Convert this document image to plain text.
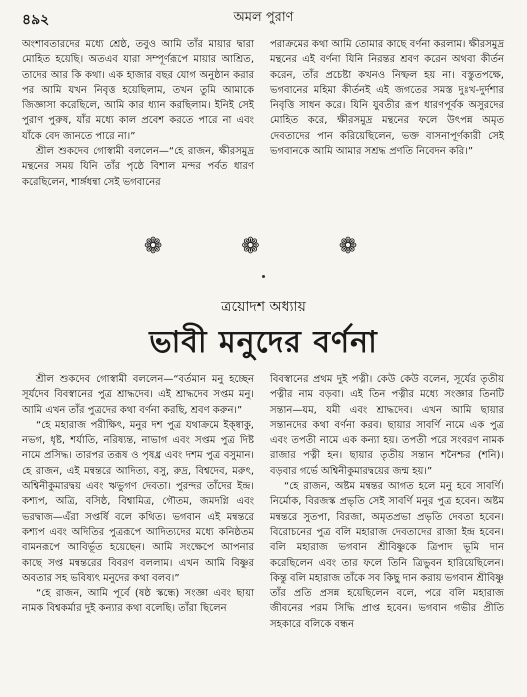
৪৯২	অমল পুরাণ

অংশাবতারদের মধ্যে শ্রেষ্ঠ, তবুও আমি তাঁর মায়ার দ্বারা মোহিত হয়েছি। অতএব যারা সম্পূর্ণরূপে মায়ার আশ্রিত, তাদের আর কি কথা। এক হাজার বছর যোগ অনুষ্ঠান করার পর আমি যখন নিবৃত্ত হয়েছিলাম, তখন তুমি আমাকে জিজ্ঞাসা করেছিলে, আমি কার ধ্যান করছিলাম। ইনিই সেই পুরাণ পুরুষ, যাঁর মধ্যে কাল প্রবেশ করতে পারে না এবং যাঁকে বেদ জানতে পারে না।”

শ্রীল শুকদেব গোস্বামী বললেন—“হে রাজন, ক্ষীরসমুদ্র মন্থনের সময় যিনি তাঁর পৃষ্ঠে বিশাল মন্দর পর্বত ধারণ করেছিলেন, শার্ঙ্গধন্বা সেই ভগবানের

পরাক্রমের কথা আমি তোমার কাছে বর্ণনা করলাম। ক্ষীরসমুদ্র মন্থনের এই বর্ণনা যিনি নিরন্তর শ্রবণ করেন অথবা কীর্তন করেন, তাঁর প্রচেষ্টা কখনও নিষ্ফল হয় না। বস্তুতপক্ষে, ভগবানের মহিমা কীর্তনই এই জগতের সমস্ত দুঃখ-দুর্দশার নিবৃত্তি সাধন করে। যিনি যুবতীর রূপ ধারণপূর্বক অসুরদের মোহিত করে, ক্ষীরসমুদ্র মন্থনের ফলে উৎপন্ন অমৃত দেবতাদের পান করিয়েছিলেন, ভক্ত বাসনাপূর্ণকারী সেই ভগবানকে আমি আমার সশ্রদ্ধ প্রণতি নিবেদন করি।”

❁ ❁ ❁
ত্রয়োদশ অধ্যায়
ভাবী মনুদের বর্ণনা

শ্রীল শুকদেব গোস্বামী বললেন—“বর্তমান মনু হচ্ছেন সূর্যদেব বিবস্বানের পুত্র শ্রাদ্ধদেব। এই শ্রাদ্ধদেব সপ্তম মনু। আমি এখন তাঁর পুত্রদের কথা বর্ণনা করছি, শ্রবণ করুন।”

“হে মহারাজ পরীক্ষিৎ, মনুর দশ পুত্র যথাক্রমে ইক্ষ্বাকু, নভগ, ধৃষ্ট, শর্যাতি, নরিষ্যন্ত, নাভাগ এবং সপ্তম পুত্র দিষ্ট নামে প্রসিদ্ধ। তারপর তরূষ ও পৃষধ্র এবং দশম পুত্র বসুমান। হে রাজন, এই মন্বন্তরে আদিত্য, বসু, রুদ্র, বিশ্বদেব, মরুৎ, অশ্বিনীকুমারদ্বয় এবং ঋভুগণ দেবতা। পুরন্দর তাঁদের ইন্দ্র। কশ্যপ, অত্রি, বসিষ্ঠ, বিশ্বামিত্র, গৌতম, জমদগ্নি এবং ভরদ্বাজ—এঁরা সপ্তর্ষি বলে কথিত। ভগবান এই মন্বন্তরে কশ্যপ এবং অদিতির পুত্ররূপে আদিত্যদের মধ্যে কনিষ্ঠতম বামনরূপে আবির্ভূত হয়েছেন। আমি সংক্ষেপে আপনার কাছে সপ্ত মন্বন্তরের বিবরণ বললাম। এখন আমি বিষ্ণুর অবতার সহ ভবিষ্যৎ মনুদের কথা বলব।”

“হে রাজন, আমি পূর্বে (ষষ্ঠ স্কন্ধে) সংজ্ঞা এবং ছায়া নামক বিশ্বকর্মার দুই কন্যার কথা বলেছি। তাঁরা ছিলেন

বিবস্বানের প্রথম দুই পত্নী। কেউ কেউ বলেন, সূর্যের তৃতীয় পত্নীর নাম বড়বা। এই তিন পত্নীর মধ্যে সংজ্ঞার তিনটি সন্তান—যম, যমী এবং শ্রাদ্ধদেব। এখন আমি ছায়ার সন্তানদের কথা বর্ণনা করব। ছায়ার সাবর্ণি নামে এক পুত্র এবং তপতী নামে এক কন্যা হয়। তপতী পরে সংবরণ নামক রাজার পত্নী হন। ছায়ার তৃতীয় সন্তান শনৈশ্চর (শনি)। বড়বার গর্ভে অশ্বিনীকুমারদ্বয়ের জন্ম হয়।”

“হে রাজন, অষ্টম মন্বন্তর আগত হলে মনু হবে সাবর্ণি। নির্মোক, বিরজস্ক প্রভৃতি সেই সাবর্ণি মনুর পুত্র হবেন। অষ্টম মন্বন্তরে সুতপা, বিরজা, অমৃতপ্রভা প্রভৃতি দেবতা হবেন। বিরোচনের পুত্র বলি মহারাজ দেবতাদের রাজা ইন্দ্র হবেন। বলি মহারাজ ভগবান শ্রীবিষ্ণুকে ত্রিপাদ ভূমি দান করেছিলেন এবং তার ফলে তিনি ত্রিভুবন হারিয়েছিলেন। কিন্তু বলি মহারাজ তাঁকে সব কিছু দান করায় ভগবান শ্রীবিষ্ণু তাঁর প্রতি প্রসন্ন হয়েছিলেন বলে, পরে বলি মহারাজ জীবনের পরম সিদ্ধি প্রাপ্ত হবেন। ভগবান গভীর প্রীতি সহকারে বলিকে বন্ধন
